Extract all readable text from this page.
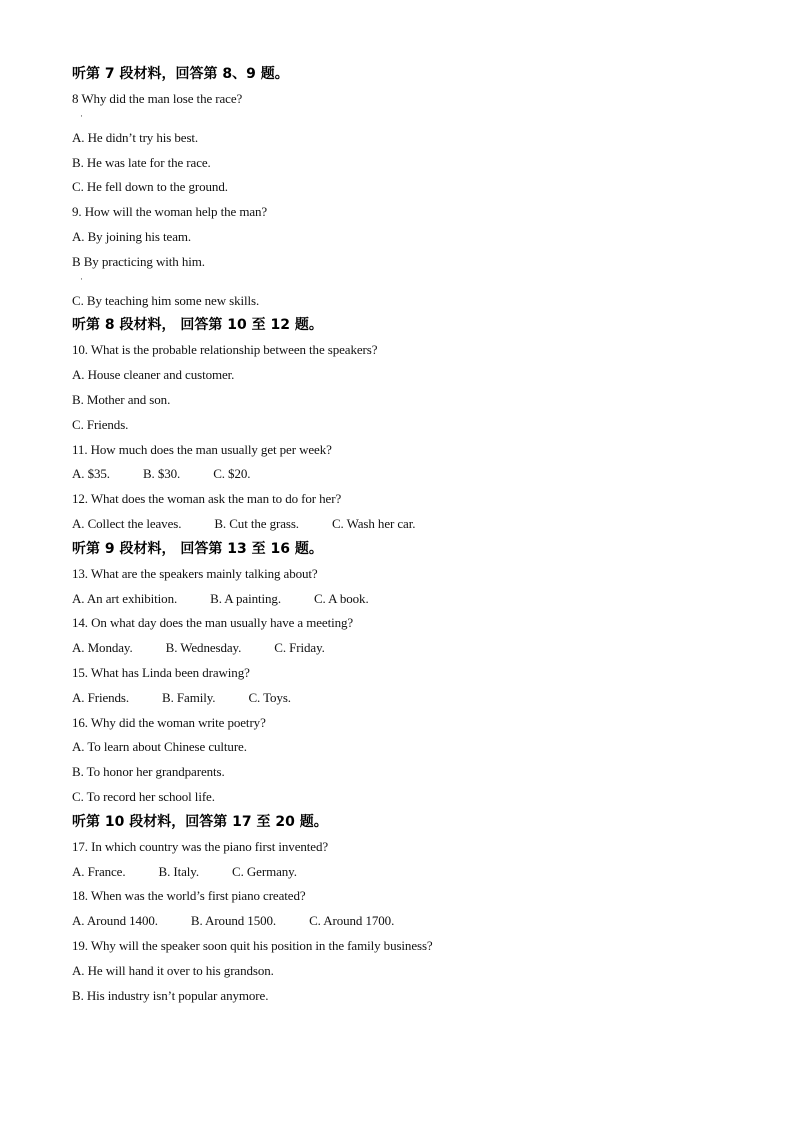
听第 7 段材料，回答第 8、9 题。
8 Why did the man lose the race?
·
A. He didn’t try his best.
B. He was late for the race.
C. He fell down to the ground.
9. How will the woman help the man?
A. By joining his team.
B By practicing with him.
·
C. By teaching him some new skills.
听第 8 段材料， 回答第 10 至 12 题。
10. What is the probable relationship between the speakers?
A. House cleaner and customer.
B. Mother and son.
C. Friends.
11. How much does the man usually get per week?
A. $35.	B. $30.	C. $20.
12. What does the woman ask the man to do for her?
A. Collect the leaves.	B. Cut the grass.	C. Wash her car.
听第 9 段材料， 回答第 13 至 16 题。
13. What are the speakers mainly talking about?
A. An art exhibition.	B. A painting.	C. A book.
14. On what day does the man usually have a meeting?
A. Monday.	B. Wednesday.	C. Friday.
15. What has Linda been drawing?
A. Friends.	B. Family.	C. Toys.
16. Why did the woman write poetry?
A. To learn about Chinese culture.
B. To honor her grandparents.
C. To record her school life.
听第 10 段材料，回答第 17 至 20 题。
17. In which country was the piano first invented?
A. France.	B. Italy.	C. Germany.
18. When was the world’s first piano created?
A. Around 1400.	B. Around 1500.	C. Around 1700.
19. Why will the speaker soon quit his position in the family business?
A. He will hand it over to his grandson.
B. His industry isn’t popular anymore.
